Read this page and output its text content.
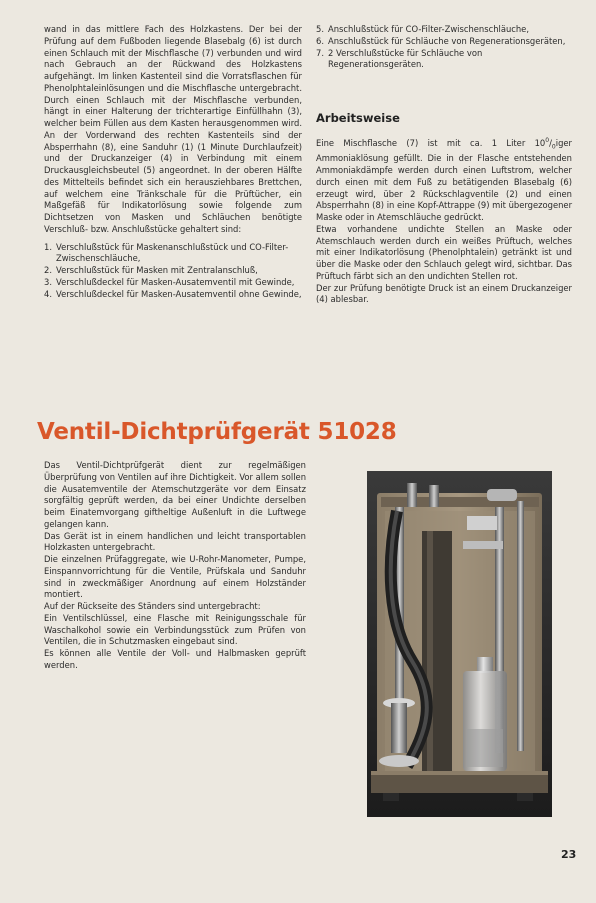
wand in das mittlere Fach des Holzkastens. Der bei der Prüfung auf dem Fußboden liegende Blasebalg (6) ist durch einen Schlauch mit der Mischflasche (7) verbunden und wird nach Gebrauch an der Rückwand des Holzkastens aufgehängt. Im linken Kastenteil sind die Vorratsflaschen für Phenolphtaleinlösungen und die Mischflasche untergebracht. Durch einen Schlauch mit der Mischflasche verbunden, hängt in einer Halterung der trichterartige Einfüllhahn (3), welcher beim Füllen aus dem Kasten herausgenommen wird. An der Vorderwand des rechten Kastenteils sind der Absperrhahn (8), eine Sanduhr (1) (1 Minute Durchlaufzeit) und der Druckanzeiger (4) in Verbindung mit einem Druckausgleichsbeutel (5) angeordnet. In der oberen Hälfte des Mittelteils befindet sich ein herausziehbares Brettchen, auf welchem eine Tränkschale für die Prüftücher, ein Maßgefäß für Indikatorlösung sowie folgende zum Dichtsetzen von Masken und Schläuchen benötigte Verschluß- bzw. Anschlußstücke gehaltert sind:

1. Verschlußstück für Maskenanschlußstück und CO-Filter-Zwischenschläuche,
2. Verschlußstück für Masken mit Zentralanschluß,
3. Verschlußdeckel für Masken-Ausatemventil mit Gewinde,
4. Verschlußdeckel für Masken-Ausatemventil ohne Gewinde,
5. Anschlußstück für CO-Filter-Zwischenschläuche,
6. Anschlußstück für Schläuche von Regenerationsgeräten,
7. 2 Verschlußstücke für Schläuche von Regenerationsgeräten.
Arbeitsweise

Eine Mischflasche (7) ist mit ca. 1 Liter $10^0/_0iger$ Ammoniaklösung gefüllt. Die in der Flasche entstehenden Ammoniakdämpfe werden durch einen Luftstrom, welcher durch einen mit dem Fuß zu betätigenden Blasebalg (6) erzeugt wird, über 2 Rückschlagventile (2) und einen Absperrhahn (8) in eine Kopf-Attrappe (9) mit übergezogener Maske oder in Atemschläuche gedrückt.

Etwa vorhandene undichte Stellen an Maske oder Atemschlauch werden durch ein weißes Prüftuch, welches mit einer Indikatorlösung (Phenolphtalein) getränkt ist und über die Maske oder den Schlauch gelegt wird, sichtbar. Das Prüftuch färbt sich an den undichten Stellen rot.

Der zur Prüfung benötigte Druck ist an einem Druckanzeiger (4) ablesbar.

Ventil-Dichtprüfgerät 51028

Das Ventil-Dichtprüfgerät dient zur regelmäßigen Überprüfung von Ventilen auf ihre Dichtigkeit. Vor allem sollen die Ausatemventile der Atemschutzgeräte vor dem Einsatz sorgfältig geprüft werden, da bei einer Undichte derselben beim Einatemvorgang giftheltige Außenluft in die Luftwege gelangen kann.

Das Gerät ist in einem handlichen und leicht transportablen Holzkasten untergebracht.

Die einzelnen Prüfaggregate, wie U-Rohr-Manometer, Pumpe, Einspannvorrichtung für die Ventile, Prüfskala und Sanduhr sind in zweckmäßiger Anordnung auf einem Holzständer montiert.

Auf der Rückseite des Ständers sind untergebracht:

Ein Ventilschlüssel, eine Flasche mit Reinigungsschale für Waschalkohol sowie ein Verbindungsstück zum Prüfen von Ventilen, die in Schutzmasken eingebaut sind.

Es können alle Ventile der Voll- und Halbmasken geprüft werden.

23
